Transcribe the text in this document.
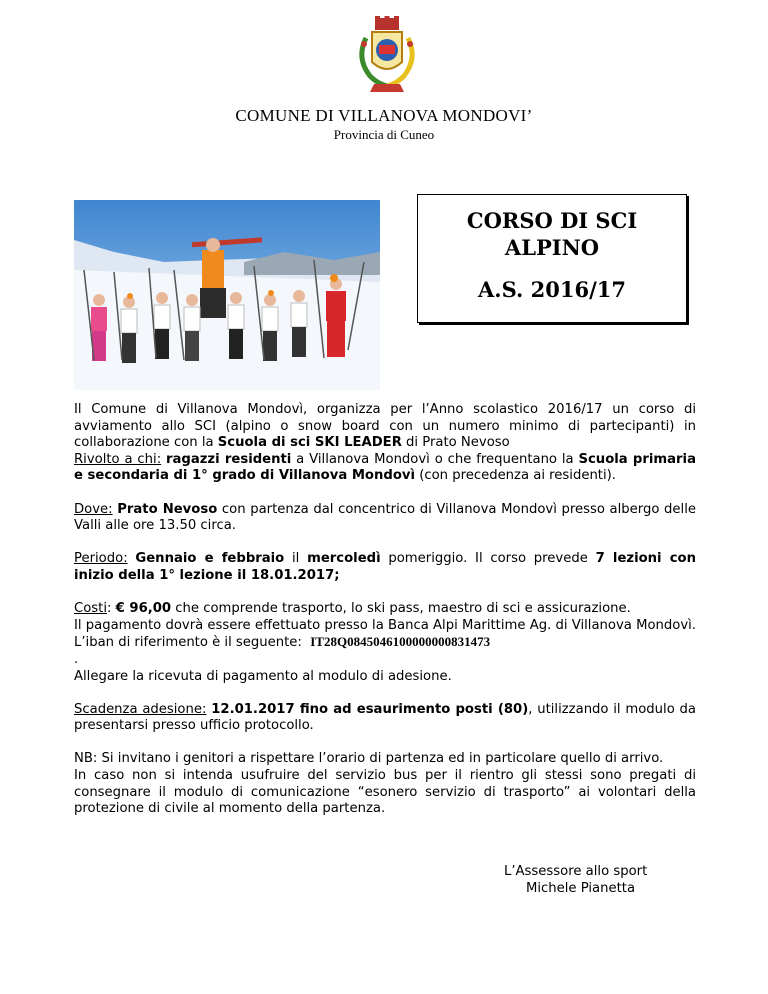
COMUNE DI VILLANOVA MONDOVI’
Provincia di Cuneo
CORSO DI SCI
ALPINO
A.S. 2016/17

Il Comune di Villanova Mondovì, organizza per l’Anno scolastico 2016/17 un corso di avviamento allo SCI (alpino o snow board con un numero minimo di partecipanti) in collaborazione con la Scuola di sci SKI LEADER di Prato Nevoso

Rivolto a chi: ragazzi residenti a Villanova Mondovì o che frequentano la Scuola primaria e secondaria di 1° grado di Villanova Mondovì (con precedenza ai residenti).

Dove: Prato Nevoso con partenza dal concentrico di Villanova Mondovì presso albergo delle Valli alle ore 13.50 circa.

Periodo: Gennaio e febbraio il mercoledì pomeriggio. Il corso prevede 7 lezioni con inizio della 1° lezione il 18.01.2017;

Costi: € 96,00 che comprende trasporto, lo ski pass, maestro di sci e assicurazione.

Il pagamento dovrà essere effettuato presso la Banca Alpi Marittime Ag. di Villanova Mondovì. L’iban di riferimento è il seguente: IT28Q0845046100000000831473

.

Allegare la ricevuta di pagamento al modulo di adesione.

Scadenza adesione: 12.01.2017 fino ad esaurimento posti (80), utilizzando il modulo da presentarsi presso ufficio protocollo.

NB: Si invitano i genitori a rispettare l’orario di partenza ed in particolare quello di arrivo.

In caso non si intenda usufruire del servizio bus per il rientro gli stessi sono pregati di consegnare il modulo di comunicazione “esonero servizio di trasporto” ai volontari della protezione di civile al momento della partenza.

L’Assessore allo sport
Michele Pianetta
